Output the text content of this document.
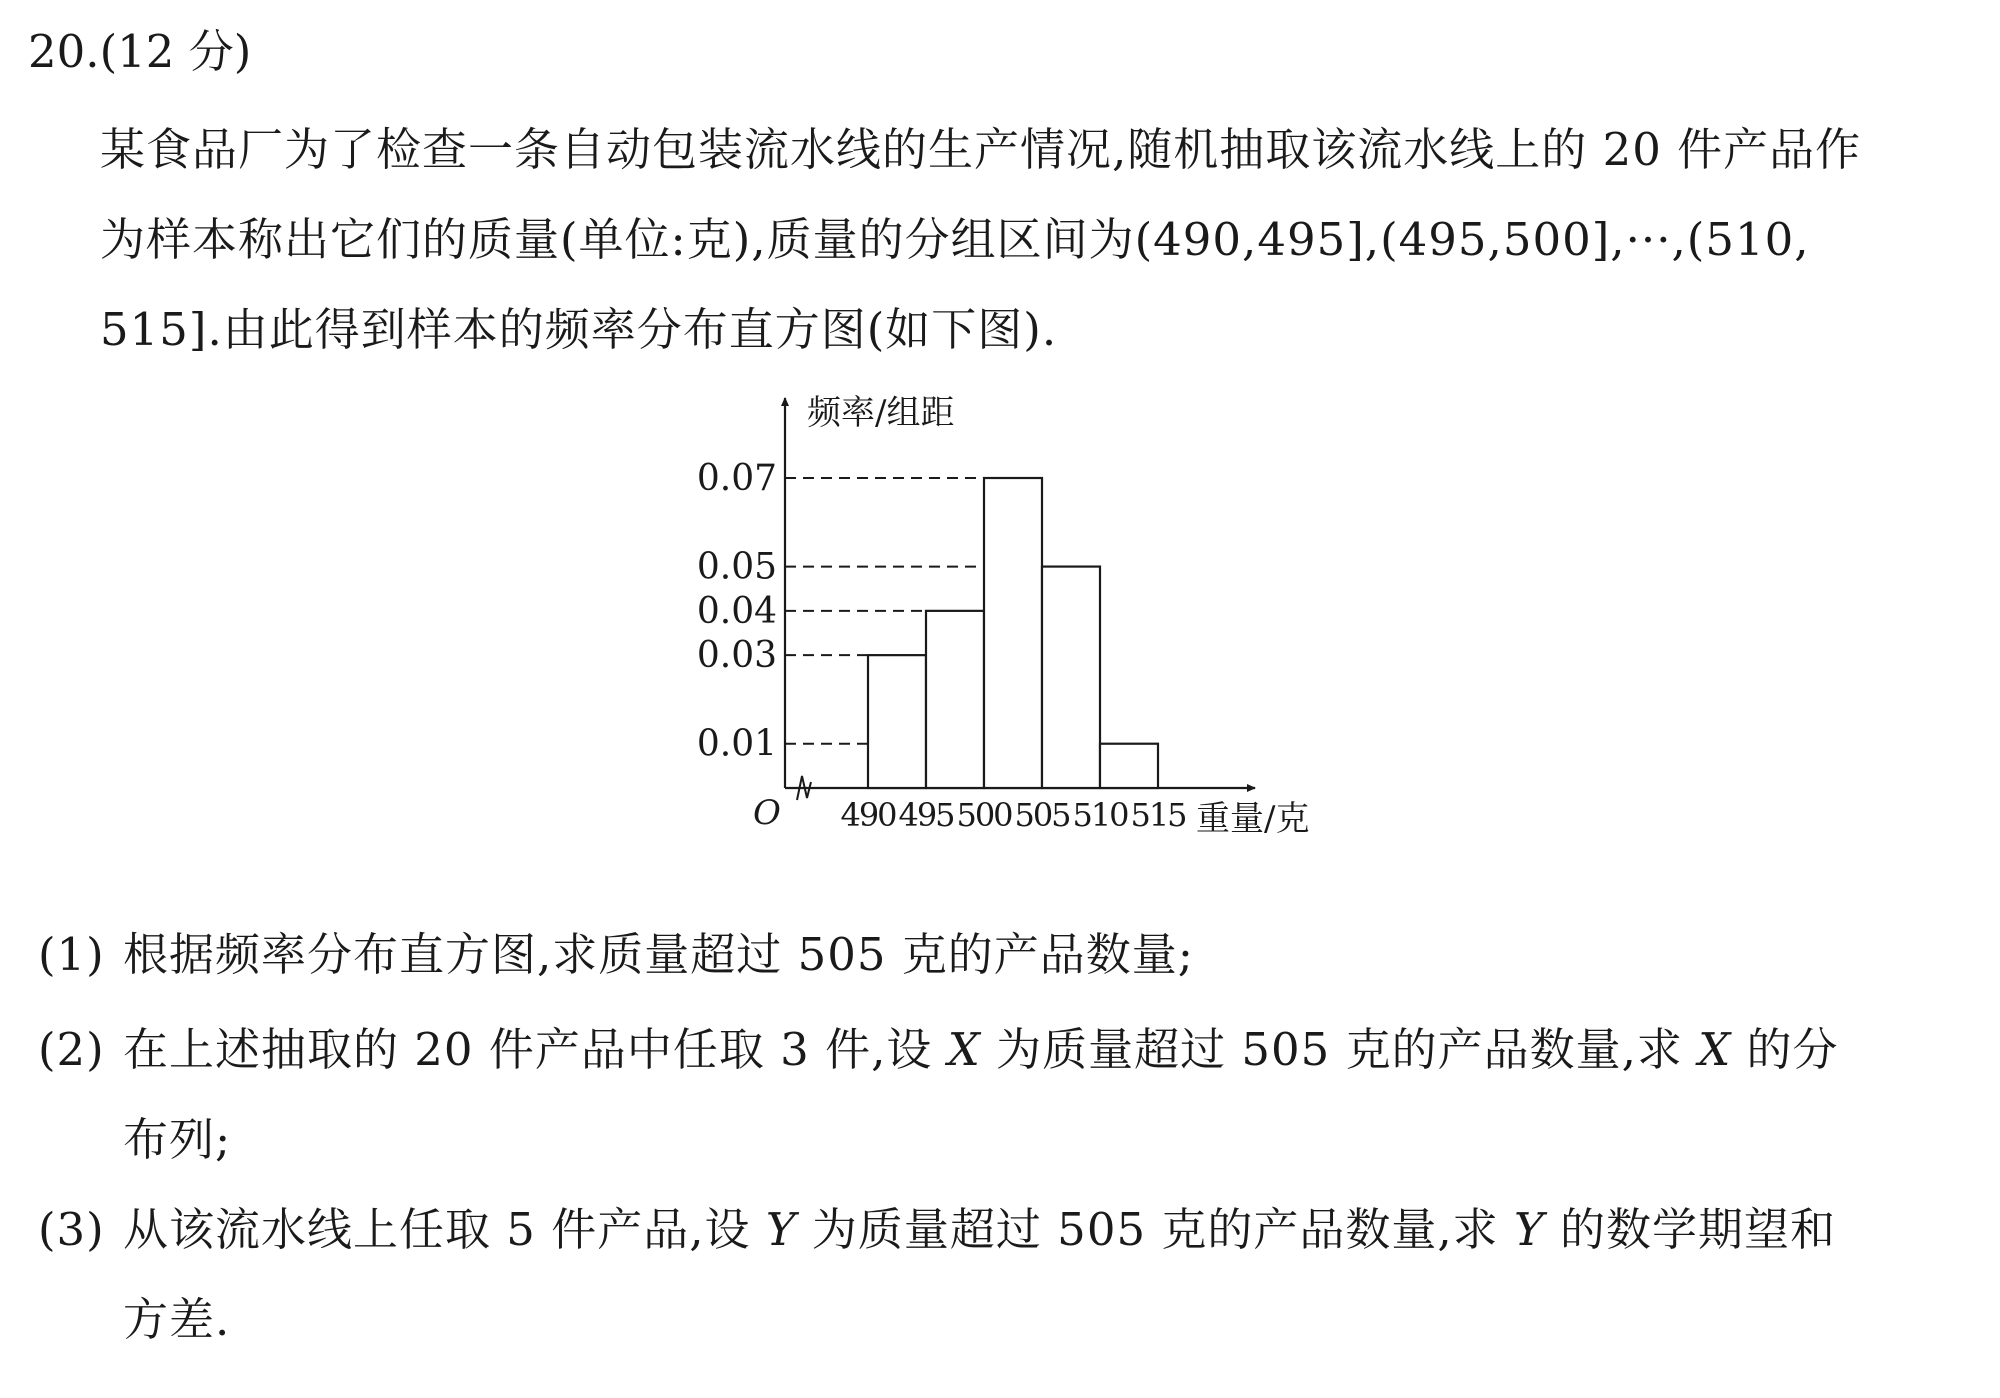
20.(12 分)

某食品厂为了检查一条自动包装流水线的生产情况,随机抽取该流水线上的 20 件产品作

为样本称出它们的质量(单位:克),质量的分组区间为(490,495],(495,500],···,(510,

515].由此得到样本的频率分布直方图(如下图).

0.01
0.03
0.04
0.05
0.07
490 495 500 505 510 515
频率/组距
重量/克
O
(1) 根据频率分布直方图,求质量超过 505 克的产品数量;
(2) 在上述抽取的 20 件产品中任取 3 件,设 X 为质量超过 505 克的产品数量,求 X 的分
布列;
(3) 从该流水线上任取 5 件产品,设 Y 为质量超过 505 克的产品数量,求 Y 的数学期望和
方差.
